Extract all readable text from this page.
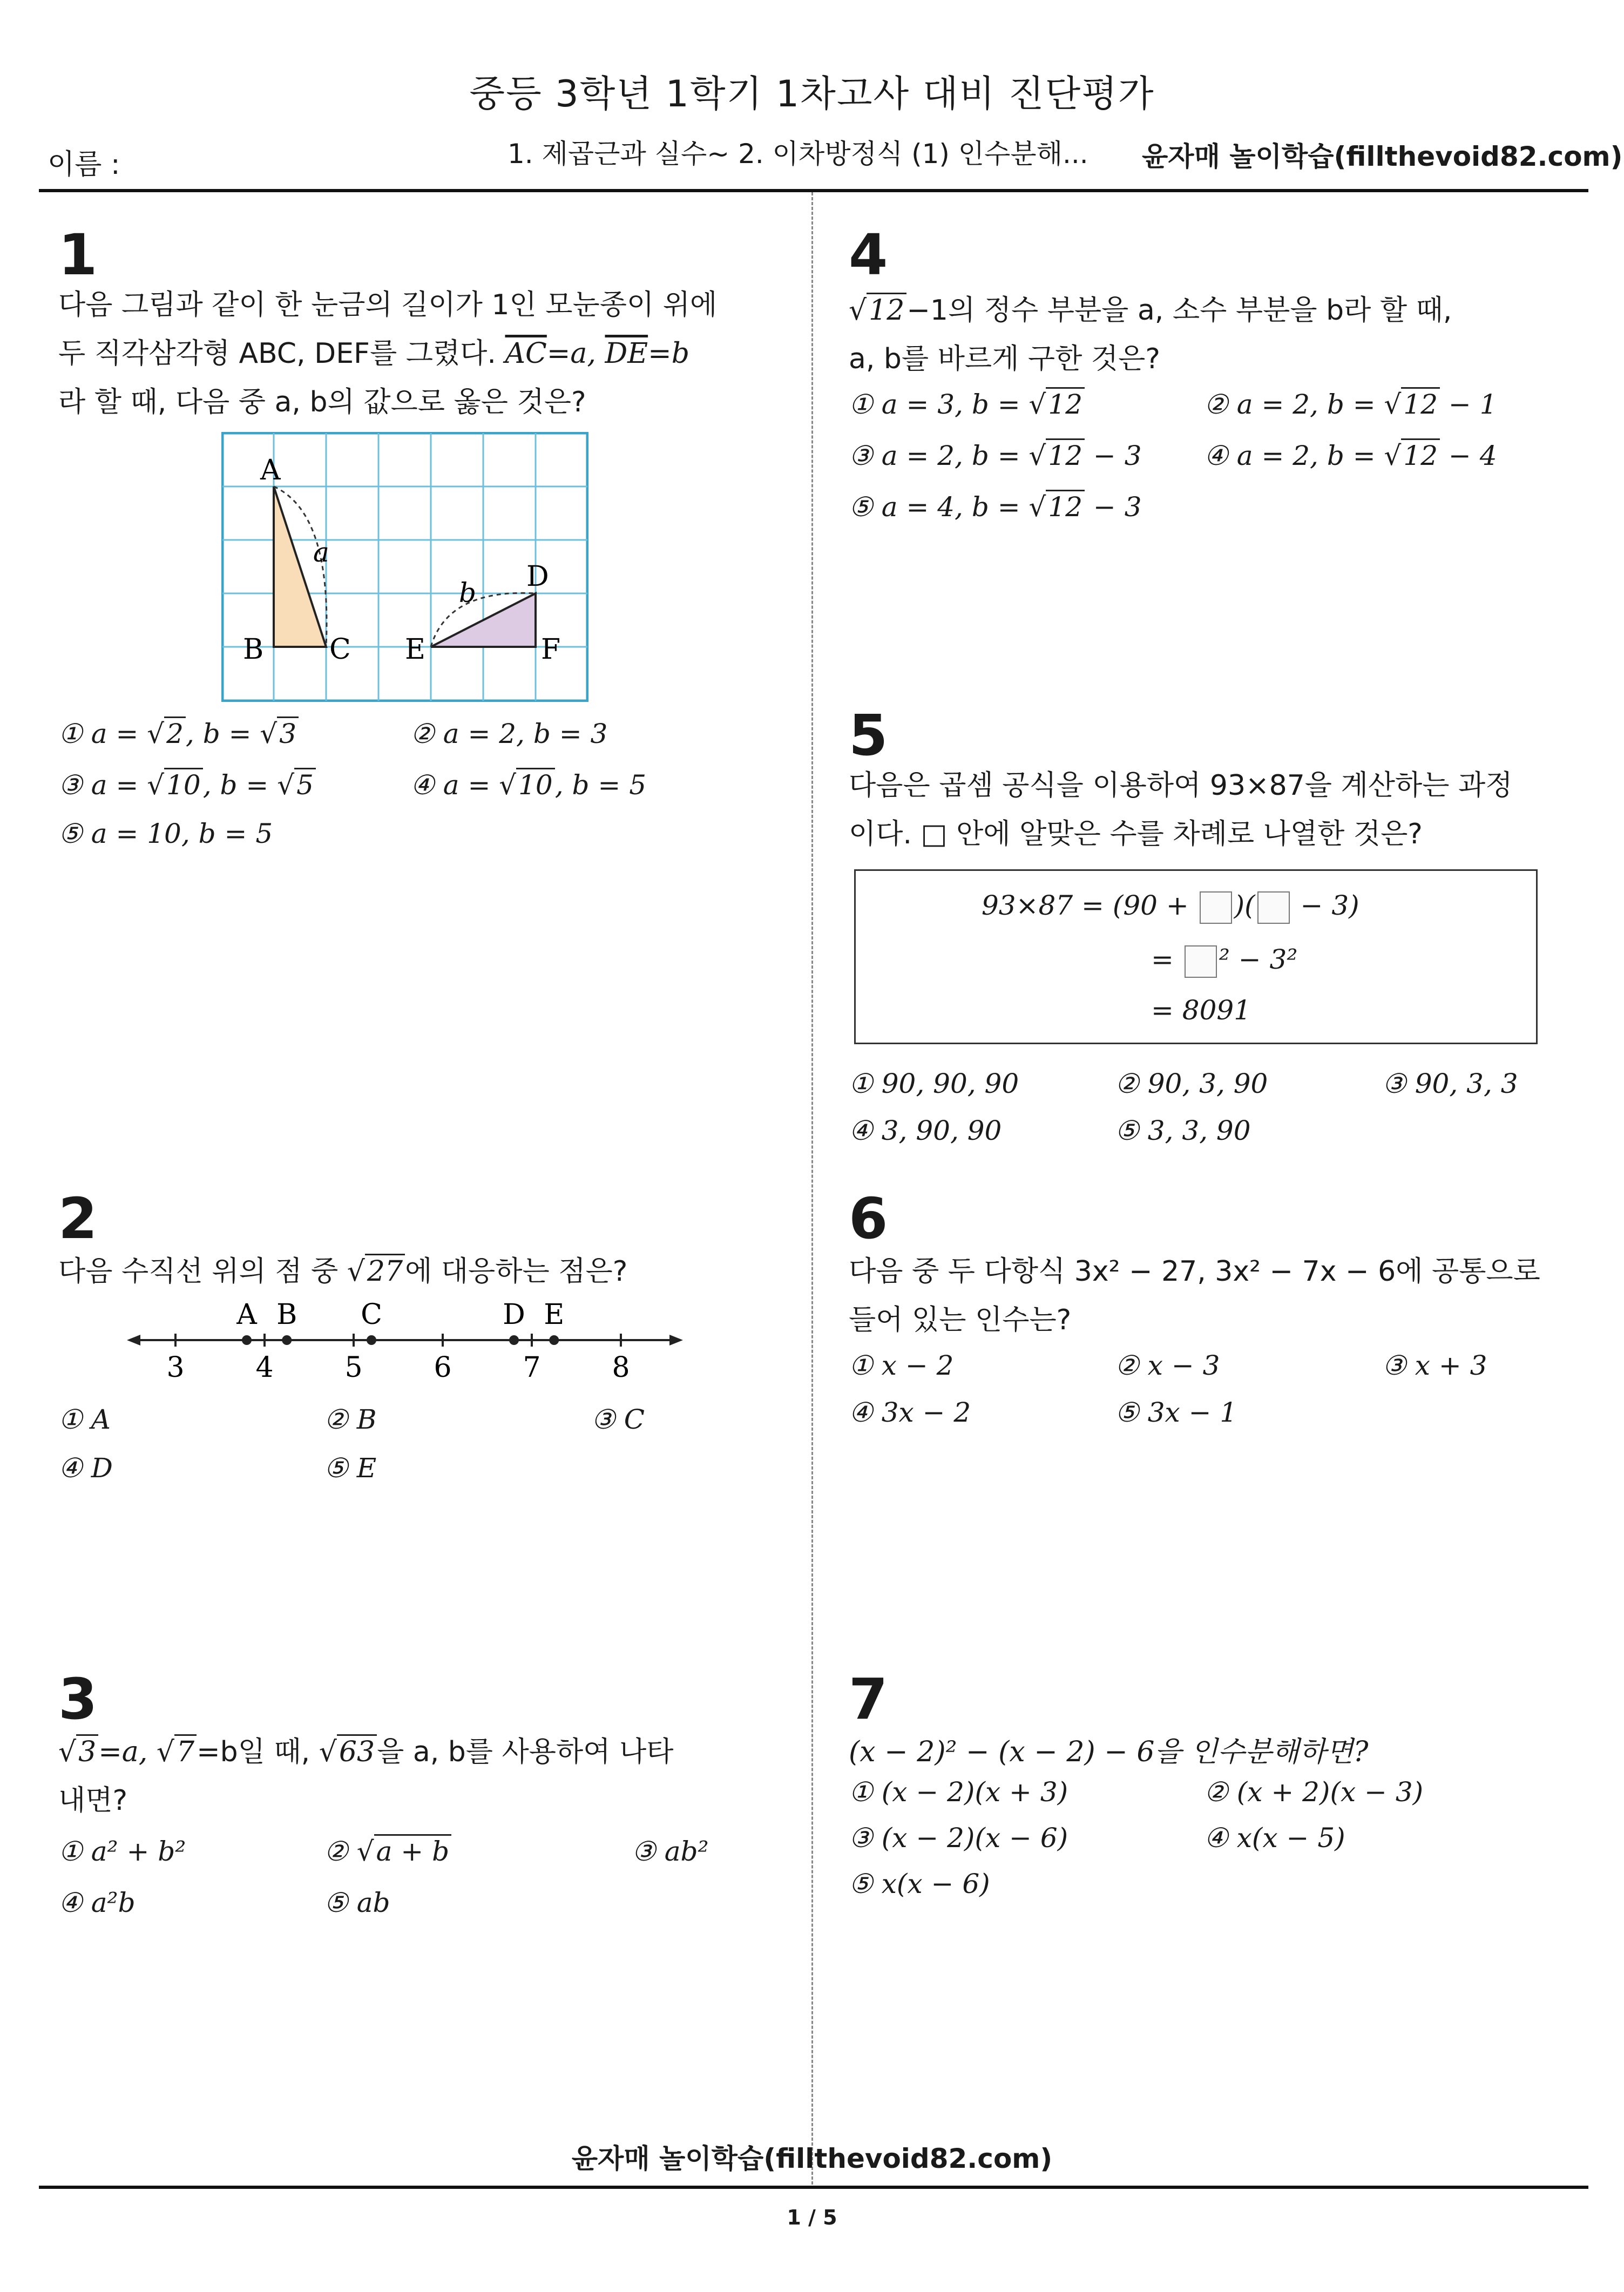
중등 3학년 1학기 1차고사 대비 진단평가
이름 :	1. 제곱근과 실수~ 2. 이차방정식 (1) 인수분해... 윤자매 놀이학습(fillthevoid82.com)
1
다음 그림과 같이 한 눈금의 길이가 1인 모눈종이 위에
두 직각삼각형 ABC, DEF를 그렸다. $\overline{AC}=a$, $\overline{DE}=b$
라 할 때, 다음 중 a, b의 값으로 옳은 것은?
A
B C
D
E	F
a
b
① a = √2, b = √3	② a = 2, b = 3
③ a = √10, b = √5	④ a = √10, b = 5
⑤ a = 10, b = 5
2
다음 수직선 위의 점 중 √27에 대응하는 점은?
3	4	5	6	7	8
A B C	D E
① A	② B	③ C
④ D	⑤ E
3
√3=a, √7=b일 때, √63을 a, b를 사용하여 나타
내면?
① a² + b²	② √a + b	③ ab²
④ a²b	⑤ ab
4
√12−1의 정수 부분을 a, 소수 부분을 b라 할 때,
a, b를 바르게 구한 것은?
① a = 3, b = √12	② a = 2, b = √12 − 1
③ a = 2, b = √12 − 3 ④ a = 2, b = √12 − 4
⑤ a = 4, b = √12 − 3
5
다음은 곱셈 공식을 이용하여 93×87을 계산하는 과정
이다. □ 안에 알맞은 수를 차례로 나열한 것은?
93×87 = (90 + )( − 3)
= ² − 3²
= 8091
① 90, 90, 90	② 90, 3, 90	③ 90, 3, 3
④ 3, 90, 90	⑤ 3, 3, 90
6
다음 중 두 다항식 3x² − 27, 3x² − 7x − 6에 공통으로
들어 있는 인수는?
① x − 2	② x − 3	③ x + 3
④ 3x − 2	⑤ 3x − 1
7
(x − 2)² − (x − 2) − 6을 인수분해하면?
① (x − 2)(x + 3)	② (x + 2)(x − 3)
③ (x − 2)(x − 6)	④ x(x − 5)
⑤ x(x − 6)
윤자매 놀이학습(fillthevoid82.com)
1 / 5
